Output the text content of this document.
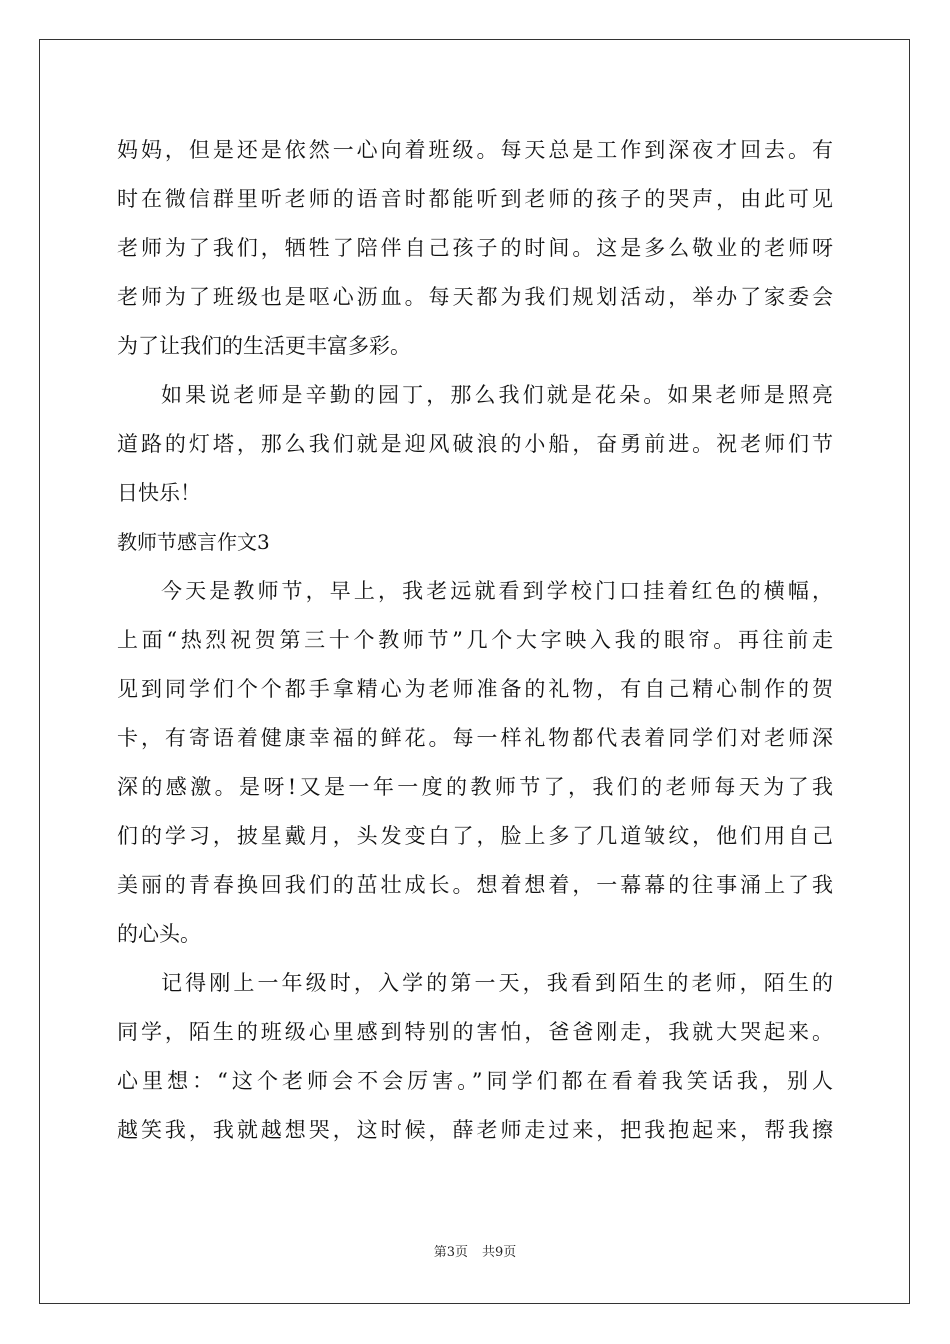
妈妈，但是还是依然一心向着班级。每天总是工作到深夜才回去。有
时在微信群里听老师的语音时都能听到老师的孩子的哭声，由此可见
老师为了我们，牺牲了陪伴自己孩子的时间。这是多么敬业的老师呀
老师为了班级也是呕心沥血。每天都为我们规划活动，举办了家委会
为了让我们的生活更丰富多彩。
如果说老师是辛勤的园丁，那么我们就是花朵。如果老师是照亮
道路的灯塔，那么我们就是迎风破浪的小船，奋勇前进。祝老师们节
日快乐！
教师节感言作文3
今天是教师节，早上，我老远就看到学校门口挂着红色的横幅，
上面“热烈祝贺第三十个教师节”几个大字映入我的眼帘。再往前走
见到同学们个个都手拿精心为老师准备的礼物，有自己精心制作的贺
卡，有寄语着健康幸福的鲜花。每一样礼物都代表着同学们对老师深
深的感激。是呀!又是一年一度的教师节了，我们的老师每天为了我
们的学习，披星戴月，头发变白了，脸上多了几道皱纹，他们用自己
美丽的青春换回我们的茁壮成长。想着想着，一幕幕的往事涌上了我
的心头。
记得刚上一年级时，入学的第一天，我看到陌生的老师，陌生的
同学，陌生的班级心里感到特别的害怕，爸爸刚走，我就大哭起来。
心里想：“这个老师会不会厉害。”同学们都在看着我笑话我，别人
越笑我，我就越想哭，这时候，薛老师走过来，把我抱起来，帮我擦
第3页 共9页
